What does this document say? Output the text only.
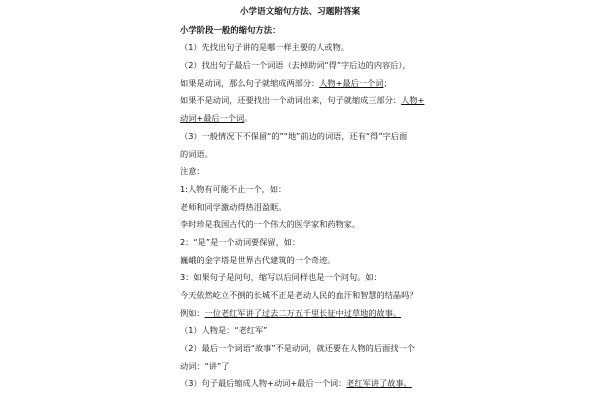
小学语文缩句方法、习题附答案
小学阶段一般的缩句方法：
（1）先找出句子讲的是哪一样主要的人或物。
（2）找出句子最后一个词语（去掉助词“得”字后边的内容后），
如果是动词，那么句子就缩成两部分：人物+最后一个词；
如果不是动词，还要找出一个动词出来，句子就缩成三部分：人物+
动词+最后一个词。
（3）一般情况下不保留“的”“地”前边的词语，还有“得”字后面
的词语。
注意：
1:人物有可能不止一个，如：
老师和同学激动得热泪盈眶。
李时珍是我国古代的一个伟大的医学家和药物家。
2：“是”是一个动词要保留，如：
巍峨的金字塔是世界古代建筑的一个奇迹。
3：如果句子是问句，缩写以后同样也是一个问句。如：
今天依然屹立不倒的长城不正是老动人民的血汗和智慧的结晶吗？
例如：一位老红军讲了过去二万五千里长征中过草地的故事。
（1）人物是：“老红军”
（2）最后一个词语“故事”不是动词，就还要在人物的后面找一个
动词：“讲”了
（3）句子最后缩成人物+动词+最后一个词：老红军讲了故事。
